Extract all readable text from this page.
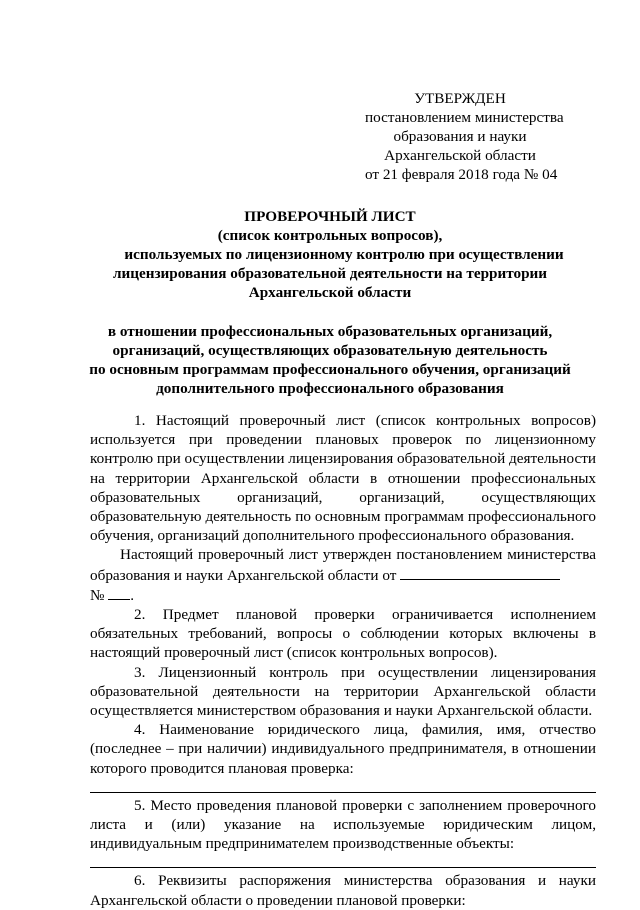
УТВЕРЖДЕН
постановлением министерства
образования и науки
Архангельской области
от 21 февраля 2018 года № 04
ПРОВЕРОЧНЫЙ ЛИСТ
(список контрольных вопросов),
используемых по лицензионному контролю при осуществлении
лицензирования образовательной деятельности на территории
Архангельской области
в отношении профессиональных образовательных организаций,
организаций, осуществляющих образовательную деятельность
по основным программам профессионального обучения, организаций
дополнительного профессионального образования

1. Настоящий проверочный лист (список контрольных вопросов) используется при проведении плановых проверок по лицензионному контролю при осуществлении лицензирования образовательной деятельности на территории Архангельской области в отношении профессиональных образовательных организаций, организаций, осуществляющих образовательную деятельность по основным программам профессионального обучения, организаций дополнительного профессионального образования.

Настоящий проверочный лист утвержден постановлением министерства образования и науки Архангельской области от
№ .

2. Предмет плановой проверки ограничивается исполнением обязательных требований, вопросы о соблюдении которых включены в настоящий проверочный лист (список контрольных вопросов).

3. Лицензионный контроль при осуществлении лицензирования образовательной деятельности на территории Архангельской области осуществляется министерством образования и науки Архангельской области.

4. Наименование юридического лица, фамилия, имя, отчество (последнее – при наличии) индивидуального предпринимателя, в отношении которого проводится плановая проверка:

5. Место проведения плановой проверки с заполнением проверочного листа и (или) указание на используемые юридическим лицом, индивидуальным предпринимателем производственные объекты:

6. Реквизиты распоряжения министерства образования и науки Архангельской области о проведении плановой проверки:
